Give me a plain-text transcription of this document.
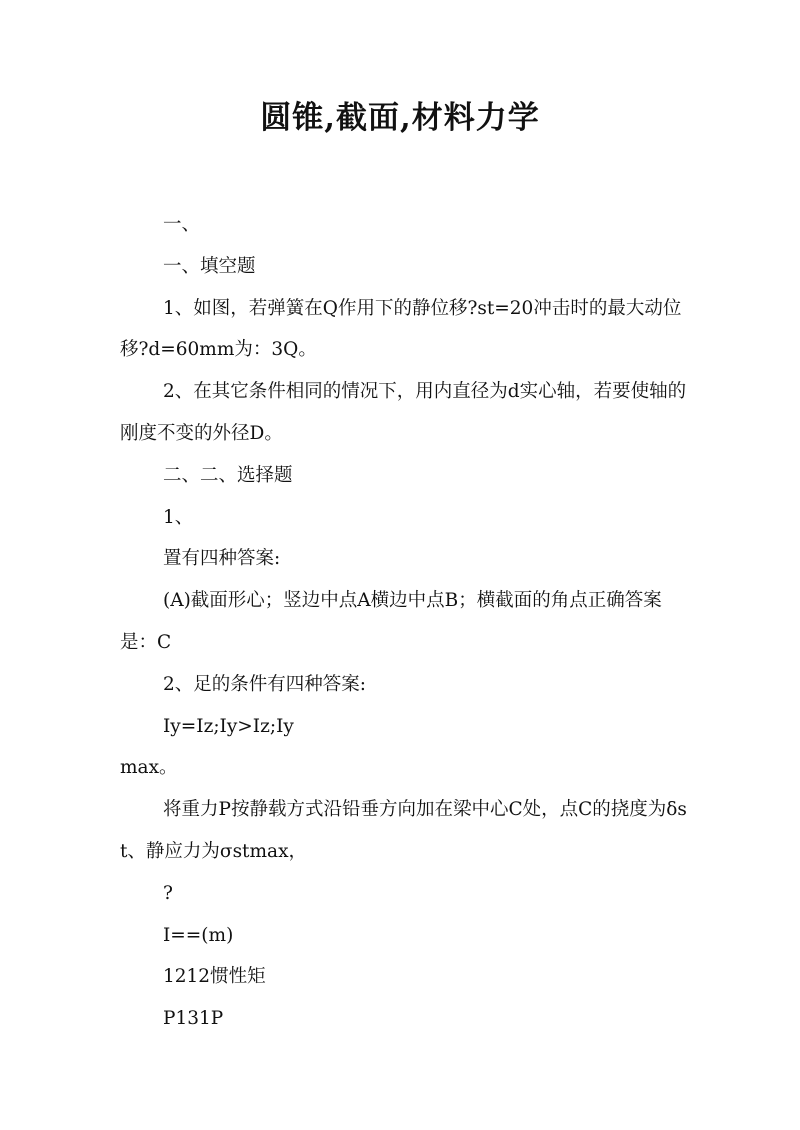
圆锥,截面,材料力学

一、

一、填空题

1、如图，若弹簧在Q作用下的静位移?st=20冲击时的最大动位移?d=60mm为：3Q。

2、在其它条件相同的情况下，用内直径为d实心轴，若要使轴的刚度不变的外径D。

二、二、选择题

1、

置有四种答案:

(A)截面形心；竖边中点A横边中点B；横截面的角点正确答案是：C

2、足的条件有四种答案:

Iy=Iz;Iy>Iz;Iy

max。

将重力P按静载方式沿铅垂方向加在梁中心C处，点C的挠度为δst、静应力为σstmax，

?

I==(m)

1212惯性矩

P131P
